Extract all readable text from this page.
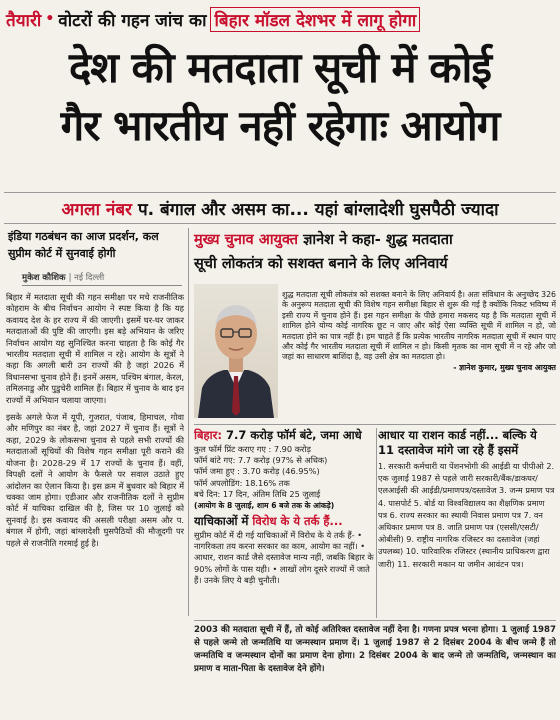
तैयारी • वोटरों की गहन जांच का बिहार मॉडल देशभर में लागू होगा
देश की मतदाता सूची में कोई
गैर भारतीय नहीं रहेगाः आयोग
अगला नंबर प. बंगाल और असम का... यहां बांग्लादेशी घुसपैठी ज्यादा
इंडिया गठबंधन का आज प्रदर्शन, कल सुप्रीम कोर्ट में सुनवाई होगी
मुकेश कौशिक | नई दिल्ली

बिहार में मतदाता सूची की गहन समीक्षा पर मचे राजनीतिक कोहराम के बीच निर्वाचन आयोग ने स्पष्ट किया है कि यह कवायद देश के हर राज्य में की जाएगी। इसमें घर-घर जाकर मतदाताओं की पुष्टि की जाएगी। इस बड़े अभियान के जरिए निर्वाचन आयोग यह सुनिश्चित करना चाहता है कि कोई गैर भारतीय मतदाता सूची में शामिल न रहे। आयोग के सूत्रों ने कहा कि अगली बारी उन राज्यों की है जहां 2026 में विधानसभा चुनाव होने हैं। इनमें असम, पश्चिम बंगाल, केरल, तमिलनाडु और पुडुचेरी शामिल हैं। बिहार में चुनाव के बाद इन राज्यों में अभियान चलाया जाएगा।

इसके अगले फेज में यूपी, गुजरात, पंजाब, हिमाचल, गोवा और मणिपुर का नंबर है, जहां 2027 में चुनाव हैं। सूत्रों ने कहा, 2029 के लोकसभा चुनाव से पहले सभी राज्यों की मतदाताओं सूचियों की विशेष गहन समीक्षा पूरी कराने की योजना है। 2028-29 में 17 राज्यों के चुनाव हैं। वहीं, विपक्षी दलों ने आयोग के फैसले पर सवाल उठाते हुए आंदोलन का ऐलान किया है। इस क्रम में बुधवार को बिहार में चक्का जाम होगा। एडीआर और राजनीतिक दलों ने सुप्रीम कोर्ट में याचिका दाखिल की है, जिस पर 10 जुलाई को सुनवाई है। इस कवायद की असली परीक्षा असम और प. बंगाल में होगी, जहां बांग्लादेशी घुसपैठियों की मौजूदगी पर पहले से राजनीति गरमाई हुई है।

मुख्य चुनाव आयुक्त ज्ञानेश ने कहा- शुद्ध मतदाता
सूची लोकतंत्र को सशक्त बनाने के लिए अनिवार्य
शुद्ध मतदाता सूची लोकतंत्र को सशक्त बनाने के लिए अनिवार्य है। अतः संविधान के अनुच्छेद 326 के अनुरूप मतदाता सूची की विशेष गहन समीक्षा बिहार से शुरू की गई है क्योंकि निकट भविष्य में इसी राज्य में चुनाव होने हैं। इस गहन समीक्षा के पीछे हमारा मकसद यह है कि मतदाता सूची में शामिल होने योग्य कोई नागरिक छूट न जाए और कोई ऐसा व्यक्ति सूची में शामिल न हो, जो मतदाता होने का पात्र नहीं है। हम चाहते हैं कि प्रत्येक भारतीय नागरिक मतदाता सूची में स्थान पाए और कोई गैर भारतीय मतदाता सूची में शामिल न हो। किसी मृतक का नाम सूची में न रहे और जो जहां का साधारण बाशिंदा है, वह उसी क्षेत्र का मतदाता हो।
- ज्ञानेश कुमार, मुख्य चुनाव आयुक्त
बिहार: 7.7 करोड़ फॉर्म बंटे, जमा आधे
कुल फॉर्म प्रिंट कराए गए : 7.90 करोड़
फॉर्म बांटे गए: 7.7 करोड़ (97% से अधिक)
फॉर्म जमा हुए : 3.70 करोड़ (46.95%)
फॉर्म अपलोडिंग: 18.16% तक
बचे दिन: 17 दिन, अंतिम तिथि 25 जुलाई
(आयोग के 8 जुलाई, शाम 6 बजे तक के आंकड़े)
याचिकाओं में विरोध के ये तर्क हैं...
सुप्रीम कोर्ट में दी गई याचिकाओं में विरोध के ये तर्क हैं- • नागरिकता तय करना सरकार का काम, आयोग का नहीं। • आधार, राशन कार्ड जैसे दस्तावेज मान्य नहीं, जबकि बिहार के 90% लोगों के पास यही। • लाखों लोग दूसरे राज्यों में जाते हैं। उनके लिए ये बड़ी चुनौती।
आधार या राशन कार्ड नहीं... बल्कि ये 11 दस्तावेज मांगे जा रहे हैं इसमें
1. सरकारी कर्मचारी या पेंशनभोगी की आईडी या पीपीओ 2. एक जुलाई 1987 से पहले जारी सरकारी/बैंक/डाकघर/एलआईसी की आईडी/प्रमाणपत्र/दस्तावेज 3. जन्म प्रमाण पत्र 4. पासपोर्ट 5. बोर्ड या विश्वविद्यालय का शैक्षणिक प्रमाण पत्र 6. राज्य सरकार का स्थायी निवास प्रमाण पत्र 7. वन अधिकार प्रमाण पत्र 8. जाति प्रमाण पत्र (एससी/एसटी/ओबीसी) 9. राष्ट्रीय नागरिक रजिस्टर का दस्तावेज (जहां उपलब्ध) 10. पारिवारिक रजिस्टर (स्थानीय प्राधिकरण द्वारा जारी) 11. सरकारी मकान या जमीन आवंटन पत्र।
2003 की मतदाता सूची में हैं, तो कोई अतिरिक्त दस्तावेज नहीं देना है। गणना प्रपत्र भरना होगा। 1 जुलाई 1987 से पहले जन्मे तो जन्मतिथि या जन्मस्थान प्रमाण दें। 1 जुलाई 1987 से 2 दिसंबर 2004 के बीच जन्मे हैं तो जन्मतिथि व जन्मस्थान दोनों का प्रमाण देना होगा। 2 दिसंबर 2004 के बाद जन्मे तो जन्मतिथि, जन्मस्थान का प्रमाण व माता-पिता के दस्तावेज देने होंगे।
